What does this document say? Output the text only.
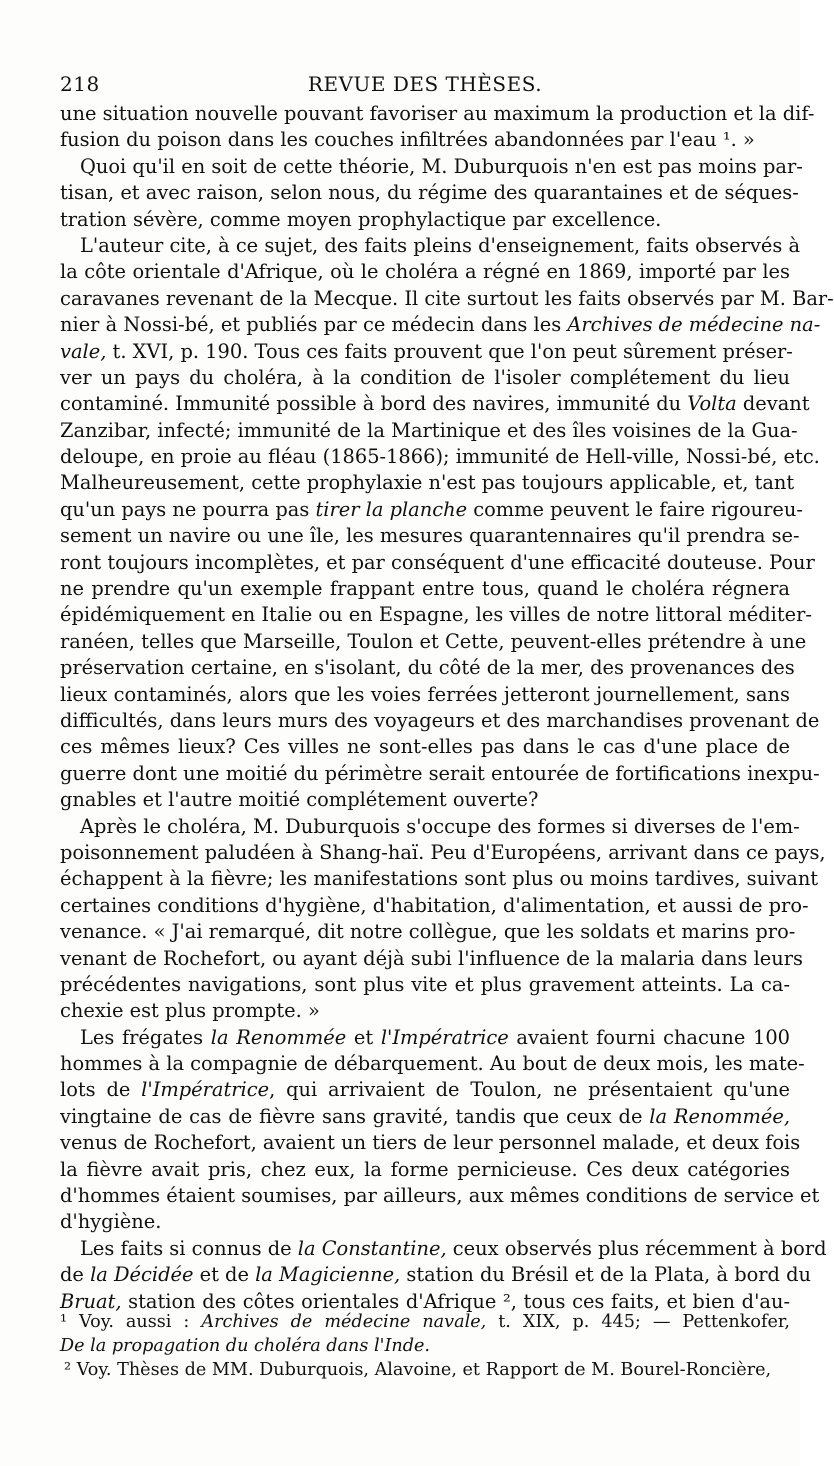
218	REVUE DES THÈSES.
une situation nouvelle pouvant favoriser au maximum la production et la dif-
fusion du poison dans les couches infiltrées abandonnées par l'eau ¹. »
Quoi qu'il en soit de cette théorie, M. Duburquois n'en est pas moins par-
tisan, et avec raison, selon nous, du régime des quarantaines et de séques-
tration sévère, comme moyen prophylactique par excellence.
L'auteur cite, à ce sujet, des faits pleins d'enseignement, faits observés à
la côte orientale d'Afrique, où le choléra a régné en 1869, importé par les
caravanes revenant de la Mecque. Il cite surtout les faits observés par M. Bar-
nier à Nossi-bé, et publiés par ce médecin dans les Archives de médecine na-
vale, t. XVI, p. 190. Tous ces faits prouvent que l'on peut sûrement préser-
ver un pays du choléra, à la condition de l'isoler complétement du lieu
contaminé. Immunité possible à bord des navires, immunité du Volta devant
Zanzibar, infecté; immunité de la Martinique et des îles voisines de la Gua-
deloupe, en proie au fléau (1865-1866); immunité de Hell-ville, Nossi-bé, etc.
Malheureusement, cette prophylaxie n'est pas toujours applicable, et, tant
qu'un pays ne pourra pas tirer la planche comme peuvent le faire rigoureu-
sement un navire ou une île, les mesures quarantennaires qu'il prendra se-
ront toujours incomplètes, et par conséquent d'une efficacité douteuse. Pour
ne prendre qu'un exemple frappant entre tous, quand le choléra régnera
épidémiquement en Italie ou en Espagne, les villes de notre littoral méditer-
ranéen, telles que Marseille, Toulon et Cette, peuvent-elles prétendre à une
préservation certaine, en s'isolant, du côté de la mer, des provenances des
lieux contaminés, alors que les voies ferrées jetteront journellement, sans
difficultés, dans leurs murs des voyageurs et des marchandises provenant de
ces mêmes lieux? Ces villes ne sont-elles pas dans le cas d'une place de
guerre dont une moitié du périmètre serait entourée de fortifications inexpu-
gnables et l'autre moitié complétement ouverte?
Après le choléra, M. Duburquois s'occupe des formes si diverses de l'em-
poisonnement paludéen à Shang-haï. Peu d'Européens, arrivant dans ce pays,
échappent à la fièvre; les manifestations sont plus ou moins tardives, suivant
certaines conditions d'hygiène, d'habitation, d'alimentation, et aussi de pro-
venance. « J'ai remarqué, dit notre collègue, que les soldats et marins pro-
venant de Rochefort, ou ayant déjà subi l'influence de la malaria dans leurs
précédentes navigations, sont plus vite et plus gravement atteints. La ca-
chexie est plus prompte. »
Les frégates la Renommée et l'Impératrice avaient fourni chacune 100
hommes à la compagnie de débarquement. Au bout de deux mois, les mate-
lots de l'Impératrice, qui arrivaient de Toulon, ne présentaient qu'une
vingtaine de cas de fièvre sans gravité, tandis que ceux de la Renommée,
venus de Rochefort, avaient un tiers de leur personnel malade, et deux fois
la fièvre avait pris, chez eux, la forme pernicieuse. Ces deux catégories
d'hommes étaient soumises, par ailleurs, aux mêmes conditions de service et
d'hygiène.
Les faits si connus de la Constantine, ceux observés plus récemment à bord
de la Décidée et de la Magicienne, station du Brésil et de la Plata, à bord du
Bruat, station des côtes orientales d'Afrique ², tous ces faits, et bien d'au-
¹ Voy. aussi : Archives de médecine navale, t. XIX, p. 445; — Pettenkofer,
De la propagation du choléra dans l'Inde.
² Voy. Thèses de MM. Duburquois, Alavoine, et Rapport de M. Bourel-Roncière,
